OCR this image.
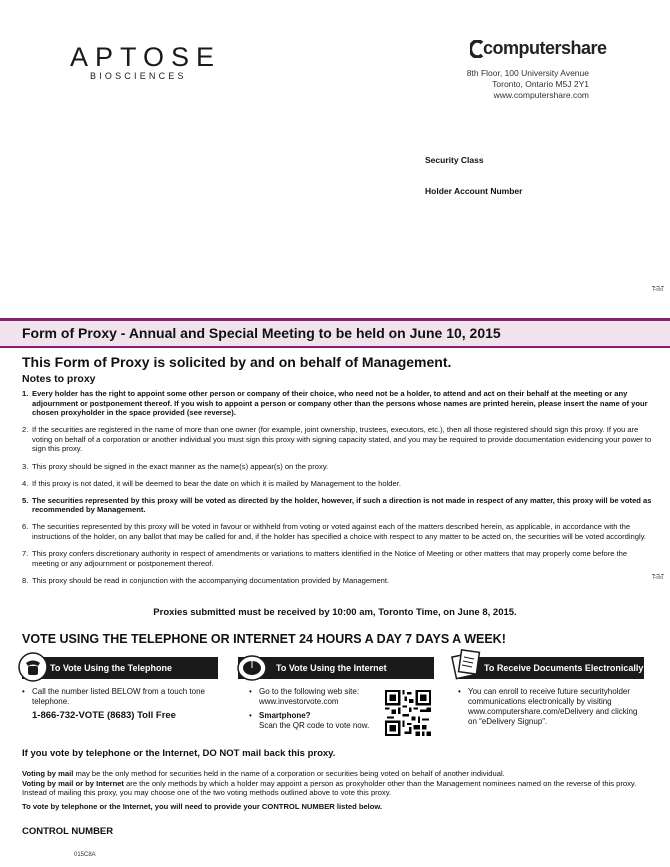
APTOSE
BIOSCIENCES
computershare
8th Floor, 100 University Avenue
Toronto, Ontario M5J 2Y1
www.computershare.com
Security Class
Holder Account Number
Fold
Form of Proxy - Annual and Special Meeting to be held on June 10, 2015
This Form of Proxy is solicited by and on behalf of Management.
Notes to proxy
1. Every holder has the right to appoint some other person or company of their choice, who need not be a holder, to attend and act on their behalf at the meeting or any adjournment or postponement thereof. If you wish to appoint a person or company other than the persons whose names are printed herein, please insert the name of your chosen proxyholder in the space provided (see reverse).
2. If the securities are registered in the name of more than one owner (for example, joint ownership, trustees, executors, etc.), then all those registered should sign this proxy. If you are voting on behalf of a corporation or another individual you must sign this proxy with signing capacity stated, and you may be required to provide documentation evidencing your power to sign this proxy.
3. This proxy should be signed in the exact manner as the name(s) appear(s) on the proxy.
4. If this proxy is not dated, it will be deemed to bear the date on which it is mailed by Management to the holder.
5. The securities represented by this proxy will be voted as directed by the holder, however, if such a direction is not made in respect of any matter, this proxy will be voted as recommended by Management.
6. The securities represented by this proxy will be voted in favour or withheld from voting or voted against each of the matters described herein, as applicable, in accordance with the instructions of the holder, on any ballot that may be called for and, if the holder has specified a choice with respect to any matter to be acted on, the securities will be voted accordingly.
7. This proxy confers discretionary authority in respect of amendments or variations to matters identified in the Notice of Meeting or other matters that may properly come before the meeting or any adjournment or postponement thereof.
8. This proxy should be read in conjunction with the accompanying documentation provided by Management.	Fold
Proxies submitted must be received by 10:00 am, Toronto Time, on June 8, 2015.
VOTE USING THE TELEPHONE OR INTERNET 24 HOURS A DAY 7 DAYS A WEEK!
To Vote Using the Telephone
• Call the number listed BELOW from a touch tone telephone.
1-866-732-VOTE (8683) Toll Free
To Vote Using the Internet
• Go to the following web site:
www.investorvote.com
• Smartphone?
Scan the QR code to vote now.
To Receive Documents Electronically
• You can enroll to receive future securityholder communications electronically by visiting www.computershare.com/eDelivery and clicking on “eDelivery Signup”.
If you vote by telephone or the Internet, DO NOT mail back this proxy.
Voting by mail may be the only method for securities held in the name of a corporation or securities being voted on behalf of another individual.
Voting by mail or by Internet are the only methods by which a holder may appoint a person as proxyholder other than the Management nominees named on the reverse of this proxy. Instead of mailing this proxy, you may choose one of the two voting methods outlined above to vote this proxy.
To vote by telephone or the Internet, you will need to provide your CONTROL NUMBER listed below.
CONTROL NUMBER
015C8A
